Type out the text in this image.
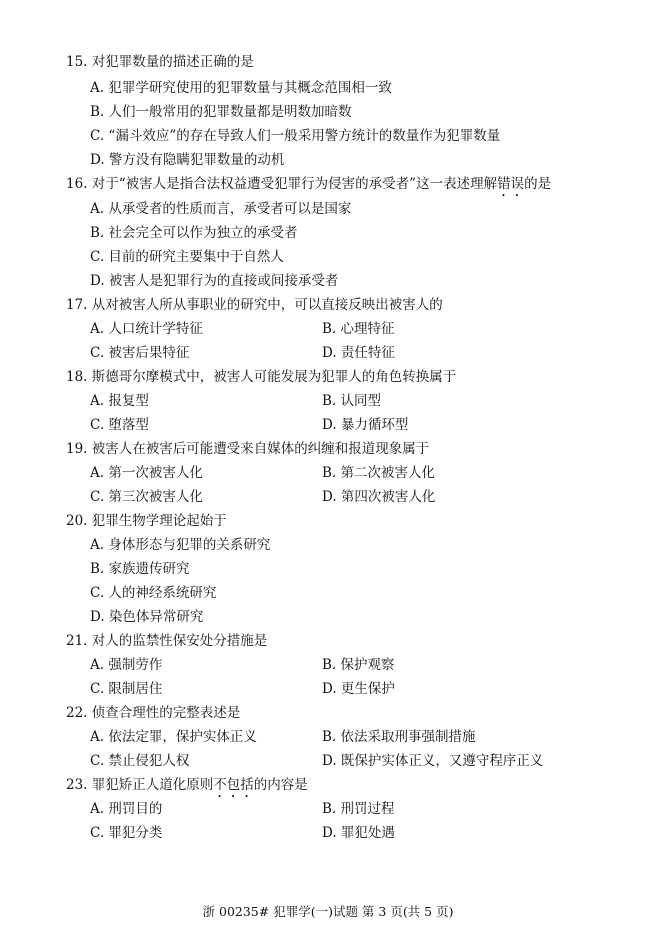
15. 对犯罪数量的描述正确的是
A. 犯罪学研究使用的犯罪数量与其概念范围相一致
B. 人们一般常用的犯罪数量都是明数加暗数
C. “漏斗效应”的存在导致人们一般采用警方统计的数量作为犯罪数量
D. 警方没有隐瞒犯罪数量的动机
16. 对于“被害人是指合法权益遭受犯罪行为侵害的承受者”这一表述理解错误的是
A. 从承受者的性质而言，承受者可以是国家
B. 社会完全可以作为独立的承受者
C. 目前的研究主要集中于自然人
D. 被害人是犯罪行为的直接或间接承受者
17. 从对被害人所从事职业的研究中，可以直接反映出被害人的
A. 人口统计学特征	B. 心理特征
C. 被害后果特征	D. 责任特征
18. 斯德哥尔摩模式中，被害人可能发展为犯罪人的角色转换属于
A. 报复型	B. 认同型
C. 堕落型	D. 暴力循环型
19. 被害人在被害后可能遭受来自媒体的纠缠和报道现象属于
A. 第一次被害人化	B. 第二次被害人化
C. 第三次被害人化	D. 第四次被害人化
20. 犯罪生物学理论起始于
A. 身体形态与犯罪的关系研究
B. 家族遗传研究
C. 人的神经系统研究
D. 染色体异常研究
21. 对人的监禁性保安处分措施是
A. 强制劳作	B. 保护观察
C. 限制居住	D. 更生保护
22. 侦查合理性的完整表述是
A. 依法定罪，保护实体正义	B. 依法采取刑事强制措施
C. 禁止侵犯人权	D. 既保护实体正义，又遵守程序正义
23. 罪犯矫正人道化原则不包括的内容是
A. 刑罚目的	B. 刑罚过程
C. 罪犯分类	D. 罪犯处遇
浙 00235# 犯罪学(一)试题 第 3 页(共 5 页)
